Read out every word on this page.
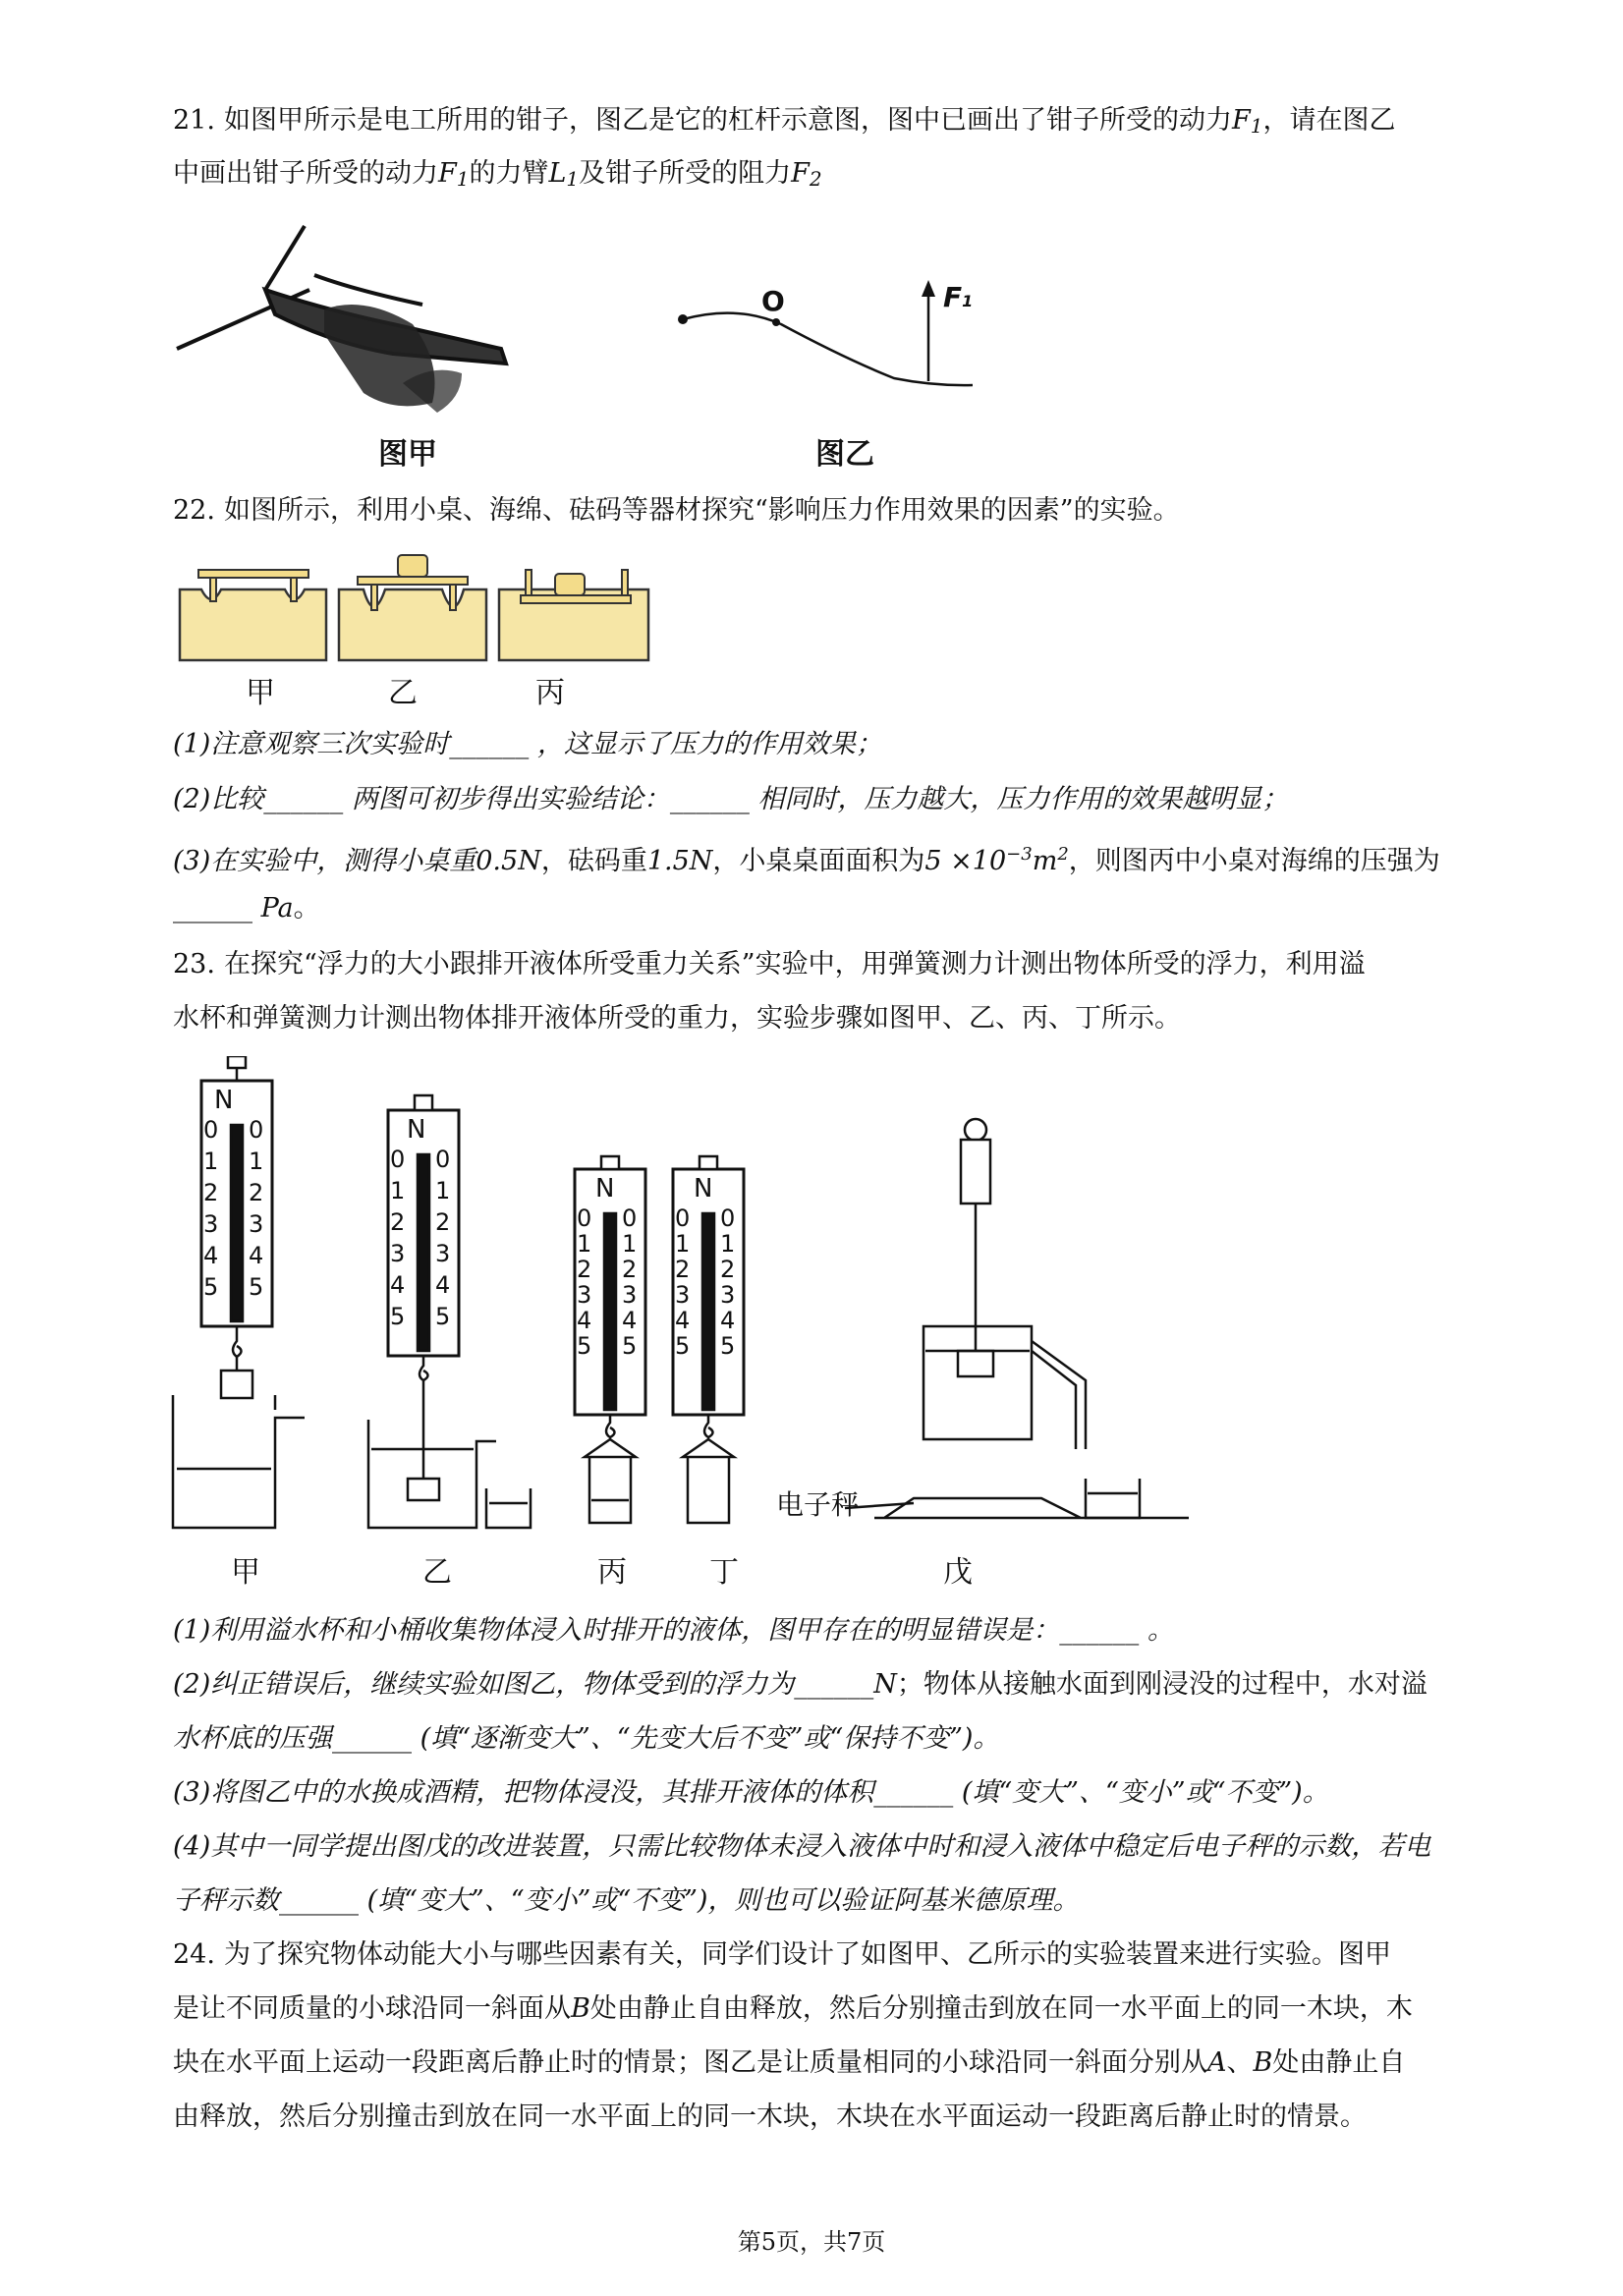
21. 如图甲所示是电工所用的钳子，图乙是它的杠杆示意图，图中已画出了钳子所受的动力$F_1$，请在图乙
中画出钳子所受的动力$F_1$的力臂$L_1$及钳子所受的阻力$F_2$
图甲
O	F1
图乙
22. 如图所示，利用小桌、海绵、砝码等器材探究“影响压力作用效果的因素”的实验。
甲	乙	丙
(1)注意观察三次实验时______ ，这显示了压力的作用效果；
(2)比较______ 两图可初步得出实验结论：______ 相同时，压力越大，压力作用的效果越明显；
(3)在实验中，测得小桌重0.5N，砝码重1.5N，小桌桌面面积为$5 \times 10^{-3}m^2$，则图丙中小桌对海绵的压强为
______ Pa。
23. 在探究“浮力的大小跟排开液体所受重力关系”实验中，用弹簧测力计测出物体所受的浮力，利用溢
水杯和弹簧测力计测出物体排开液体所受的重力，实验步骤如图甲、乙、丙、丁所示。
N
N
N	N
0 0
1 1
2 2
3 3
4 4
5 5
0 0
1 1
2 2
3 3
4 4
5 5
0 0
1 1
2 2
3 3
4 4
5 5
0 0
1 1
2 2
3 3
4 4
5 5
电子秤
甲	乙	丙	丁	戊
(1)利用溢水杯和小桶收集物体浸入时排开的液体，图甲存在的明显错误是：______ 。
(2)纠正错误后，继续实验如图乙，物体受到的浮力为______N；物体从接触水面到刚浸没的过程中，水对溢
水杯底的压强______ (填“逐渐变大”、“先变大后不变”或“保持不变”)。
(3)将图乙中的水换成酒精，把物体浸没，其排开液体的体积______ (填“变大”、“变小”或“不变”)。
(4)其中一同学提出图戊的改进装置，只需比较物体未浸入液体中时和浸入液体中稳定后电子秤的示数，若电
子秤示数______ (填“变大”、“变小”或“不变”)，则也可以验证阿基米德原理。
24. 为了探究物体动能大小与哪些因素有关，同学们设计了如图甲、乙所示的实验装置来进行实验。图甲
是让不同质量的小球沿同一斜面从B处由静止自由释放，然后分别撞击到放在同一水平面上的同一木块，木
块在水平面上运动一段距离后静止时的情景；图乙是让质量相同的小球沿同一斜面分别从A、B处由静止自
由释放，然后分别撞击到放在同一水平面上的同一木块，木块在水平面运动一段距离后静止时的情景。
第5页，共7页
